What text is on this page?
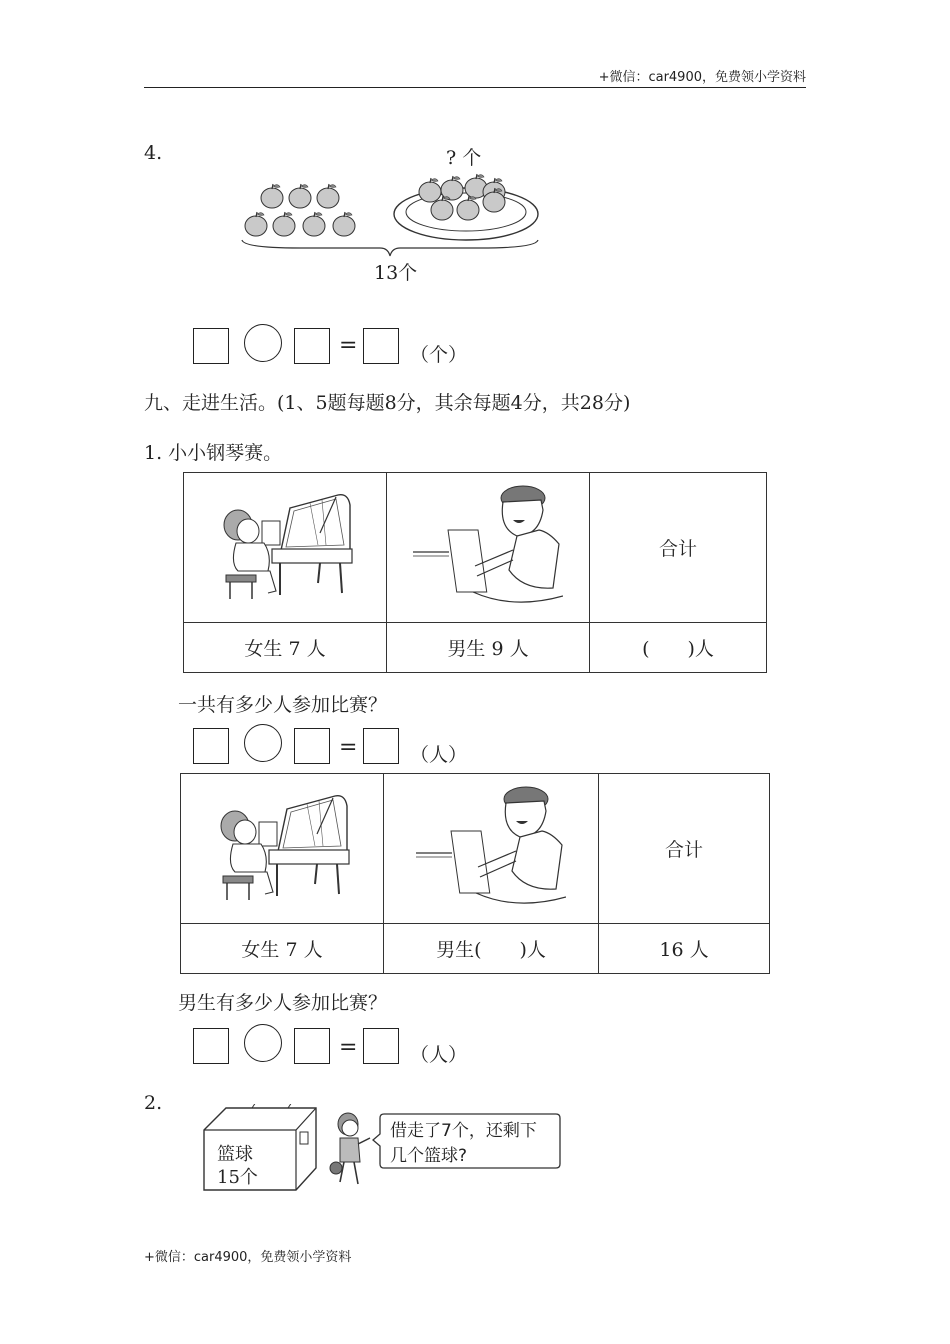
+微信：car4900，免费领小学资料
4.	? 个
13个
=	（个）
九、走进生活。(1、5题每题8分，其余每题4分，共28分)
1. 小小钢琴赛。
		合计
女生 7 人	男生 9 人	(　　)人
一共有多少人参加比赛？
=	（人）
		合计
女生 7 人	男生(　　)人	16 人
男生有多少人参加比赛？
=	（人）
2.
篮球
15个
借走了7个，还剩下
几个篮球?
+微信：car4900，免费领小学资料
